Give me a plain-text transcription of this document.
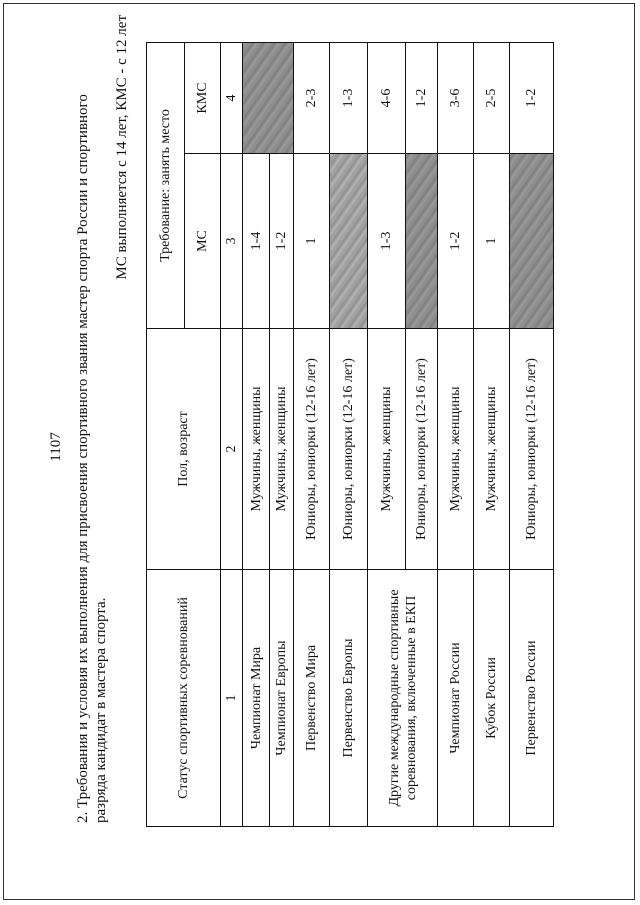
1107 2. Требования и условия их выполнения для присвоения спортивного звания мастер спорта России и спортивного разряда кандидат в мастера спорта.
МС выполняется с 14 лет, КМС - с 12 лет
Статус спортивных соревнований	Пол, возраст	Требование: занять место	
		МС	КМС
1	2	3	4
Чемпионат Мира	Мужчины, женщины	1-4	
Чемпионат Европы	Мужчины, женщины	1-2	
Первенство Мира	Юниоры, юниорки (12-16 лет)	1	2-3
Первенство Европы	Юниоры, юниорки (12-16 лет)		1-3
Другие международные спортивные соревнования, включенные в ЕКП	Мужчины, женщины	1-3	4-6
	Юниоры, юниорки (12-16 лет)		1-2
Чемпионат России	Мужчины, женщины	1-2	3-6
Кубок России	Мужчины, женщины	1	2-5
Первенство России	Юниоры, юниорки (12-16 лет)		1-2
